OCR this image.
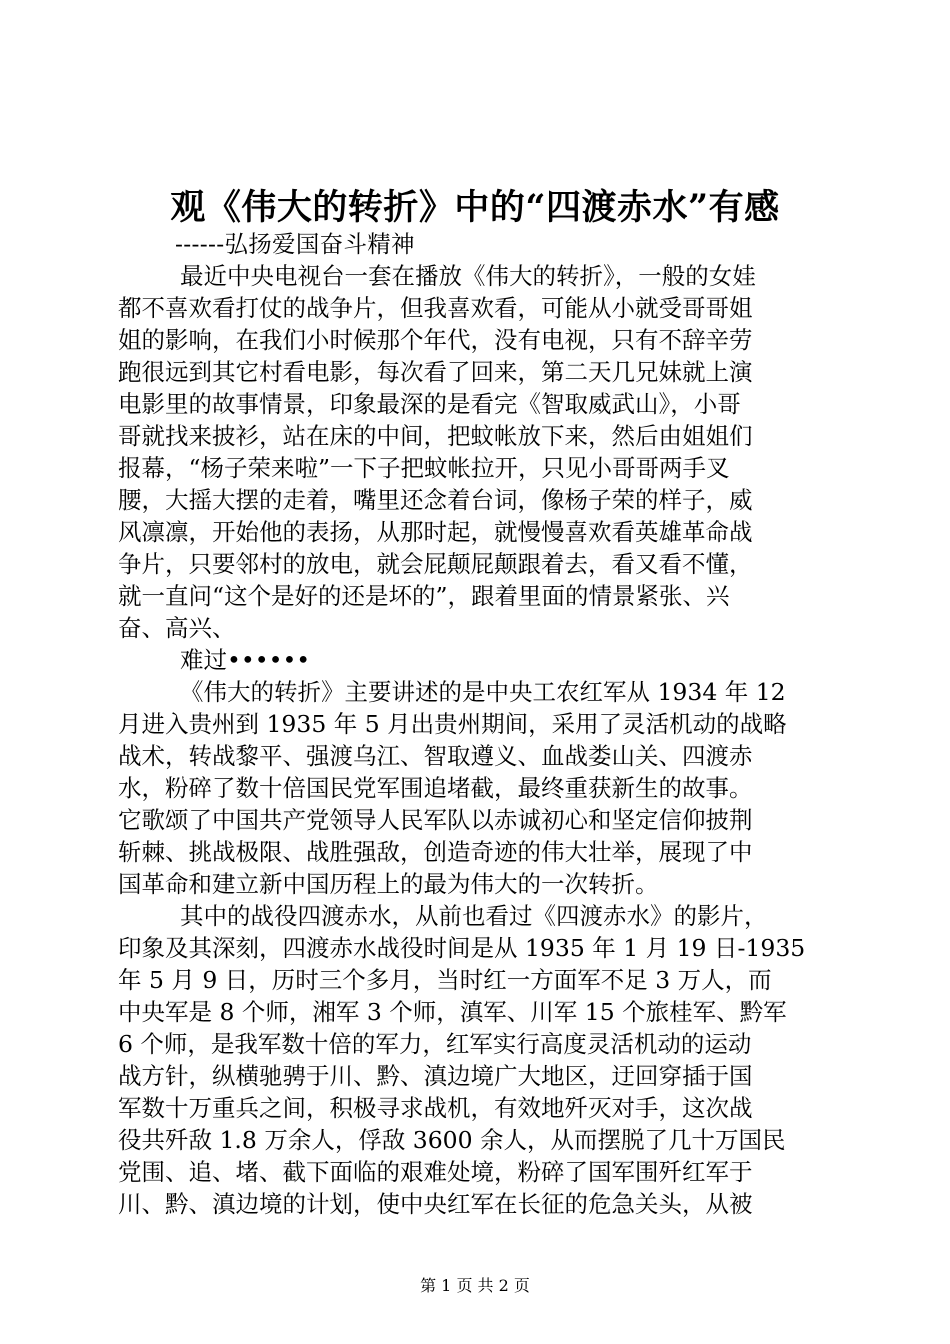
观《伟大的转折》中的“四渡赤水”有感
------弘扬爱国奋斗精神
最近中央电视台一套在播放《伟大的转折》，一般的女娃
都不喜欢看打仗的战争片，但我喜欢看，可能从小就受哥哥姐
姐的影响，在我们小时候那个年代，没有电视，只有不辞辛劳
跑很远到其它村看电影，每次看了回来，第二天几兄妹就上演
电影里的故事情景，印象最深的是看完《智取威武山》，小哥
哥就找来披衫，站在床的中间，把蚊帐放下来，然后由姐姐们
报幕，“杨子荣来啦”一下子把蚊帐拉开，只见小哥哥两手叉
腰，大摇大摆的走着，嘴里还念着台词，像杨子荣的样子，威
风凛凛，开始他的表扬，从那时起，就慢慢喜欢看英雄革命战
争片，只要邻村的放电，就会屁颠屁颠跟着去，看又看不懂，
就一直问“这个是好的还是坏的”，跟着里面的情景紧张、兴
奋、高兴、
难过••••••
《伟大的转折》主要讲述的是中央工农红军从 1934 年 12
月进入贵州到 1935 年 5 月出贵州期间，采用了灵活机动的战略
战术，转战黎平、强渡乌江、智取遵义、血战娄山关、四渡赤
水，粉碎了数十倍国民党军围追堵截，最终重获新生的故事。
它歌颂了中国共产党领导人民军队以赤诚初心和坚定信仰披荆
斩棘、挑战极限、战胜强敌，创造奇迹的伟大壮举，展现了中
国革命和建立新中国历程上的最为伟大的一次转折。
其中的战役四渡赤水，从前也看过《四渡赤水》的影片，
印象及其深刻，四渡赤水战役时间是从 1935 年 1 月 19 日-1935
年 5 月 9 日，历时三个多月，当时红一方面军不足 3 万人，而
中央军是 8 个师，湘军 3 个师，滇军、川军 15 个旅桂军、黔军
6 个师，是我军数十倍的军力，红军实行高度灵活机动的运动
战方针，纵横驰骋于川、黔、滇边境广大地区，迂回穿插于国
军数十万重兵之间，积极寻求战机，有效地歼灭对手，这次战
役共歼敌 1.8 万余人，俘敌 3600 余人，从而摆脱了几十万国民
党围、追、堵、截下面临的艰难处境，粉碎了国军围歼红军于
川、黔、滇边境的计划，使中央红军在长征的危急关头，从被
第 1 页 共 2 页
